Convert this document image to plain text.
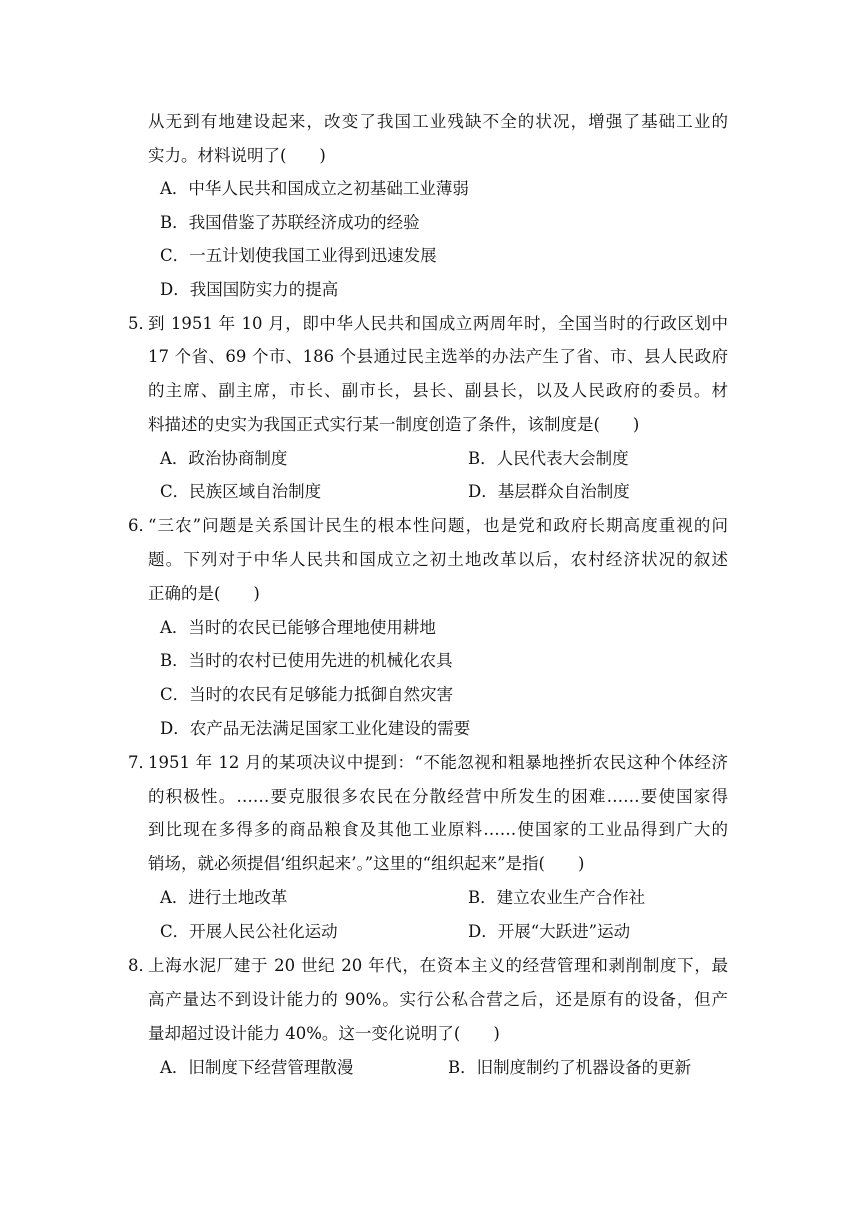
从无到有地建设起来，改变了我国工业残缺不全的状况，增强了基础工业的
实力。材料说明了(　　)
A．中华人民共和国成立之初基础工业薄弱
B．我国借鉴了苏联经济成功的经验
C．一五计划使我国工业得到迅速发展
D．我国国防实力的提高
5．
到 1951 年 10 月，即中华人民共和国成立两周年时，全国当时的行政区划中
17 个省、69 个市、186 个县通过民主选举的办法产生了省、市、县人民政府
的主席、副主席，市长、副市长，县长、副县长，以及人民政府的委员。材
料描述的史实为我国正式实行某一制度创造了条件，该制度是(　　)
A．政治协商制度	B．人民代表大会制度
C．民族区域自治制度	D．基层群众自治制度
6．
“三农”问题是关系国计民生的根本性问题，也是党和政府长期高度重视的问
题。下列对于中华人民共和国成立之初土地改革以后，农村经济状况的叙述
正确的是(　　)
A．当时的农民已能够合理地使用耕地
B．当时的农村已使用先进的机械化农具
C．当时的农民有足够能力抵御自然灾害
D．农产品无法满足国家工业化建设的需要
7．
1951 年 12 月的某项决议中提到：“不能忽视和粗暴地挫折农民这种个体经济
的积极性。……要克服很多农民在分散经营中所发生的困难……要使国家得
到比现在多得多的商品粮食及其他工业原料……使国家的工业品得到广大的
销场，就必须提倡‘组织起来’。”这里的“组织起来”是指(　　)
A．进行土地改革	B．建立农业生产合作社
C．开展人民公社化运动	D．开展“大跃进”运动
8．
上海水泥厂建于 20 世纪 20 年代，在资本主义的经营管理和剥削制度下，最
高产量达不到设计能力的 90%。实行公私合营之后，还是原有的设备，但产
量却超过设计能力 40%。这一变化说明了(　　)
A．旧制度下经营管理散漫	B．旧制度制约了机器设备的更新
